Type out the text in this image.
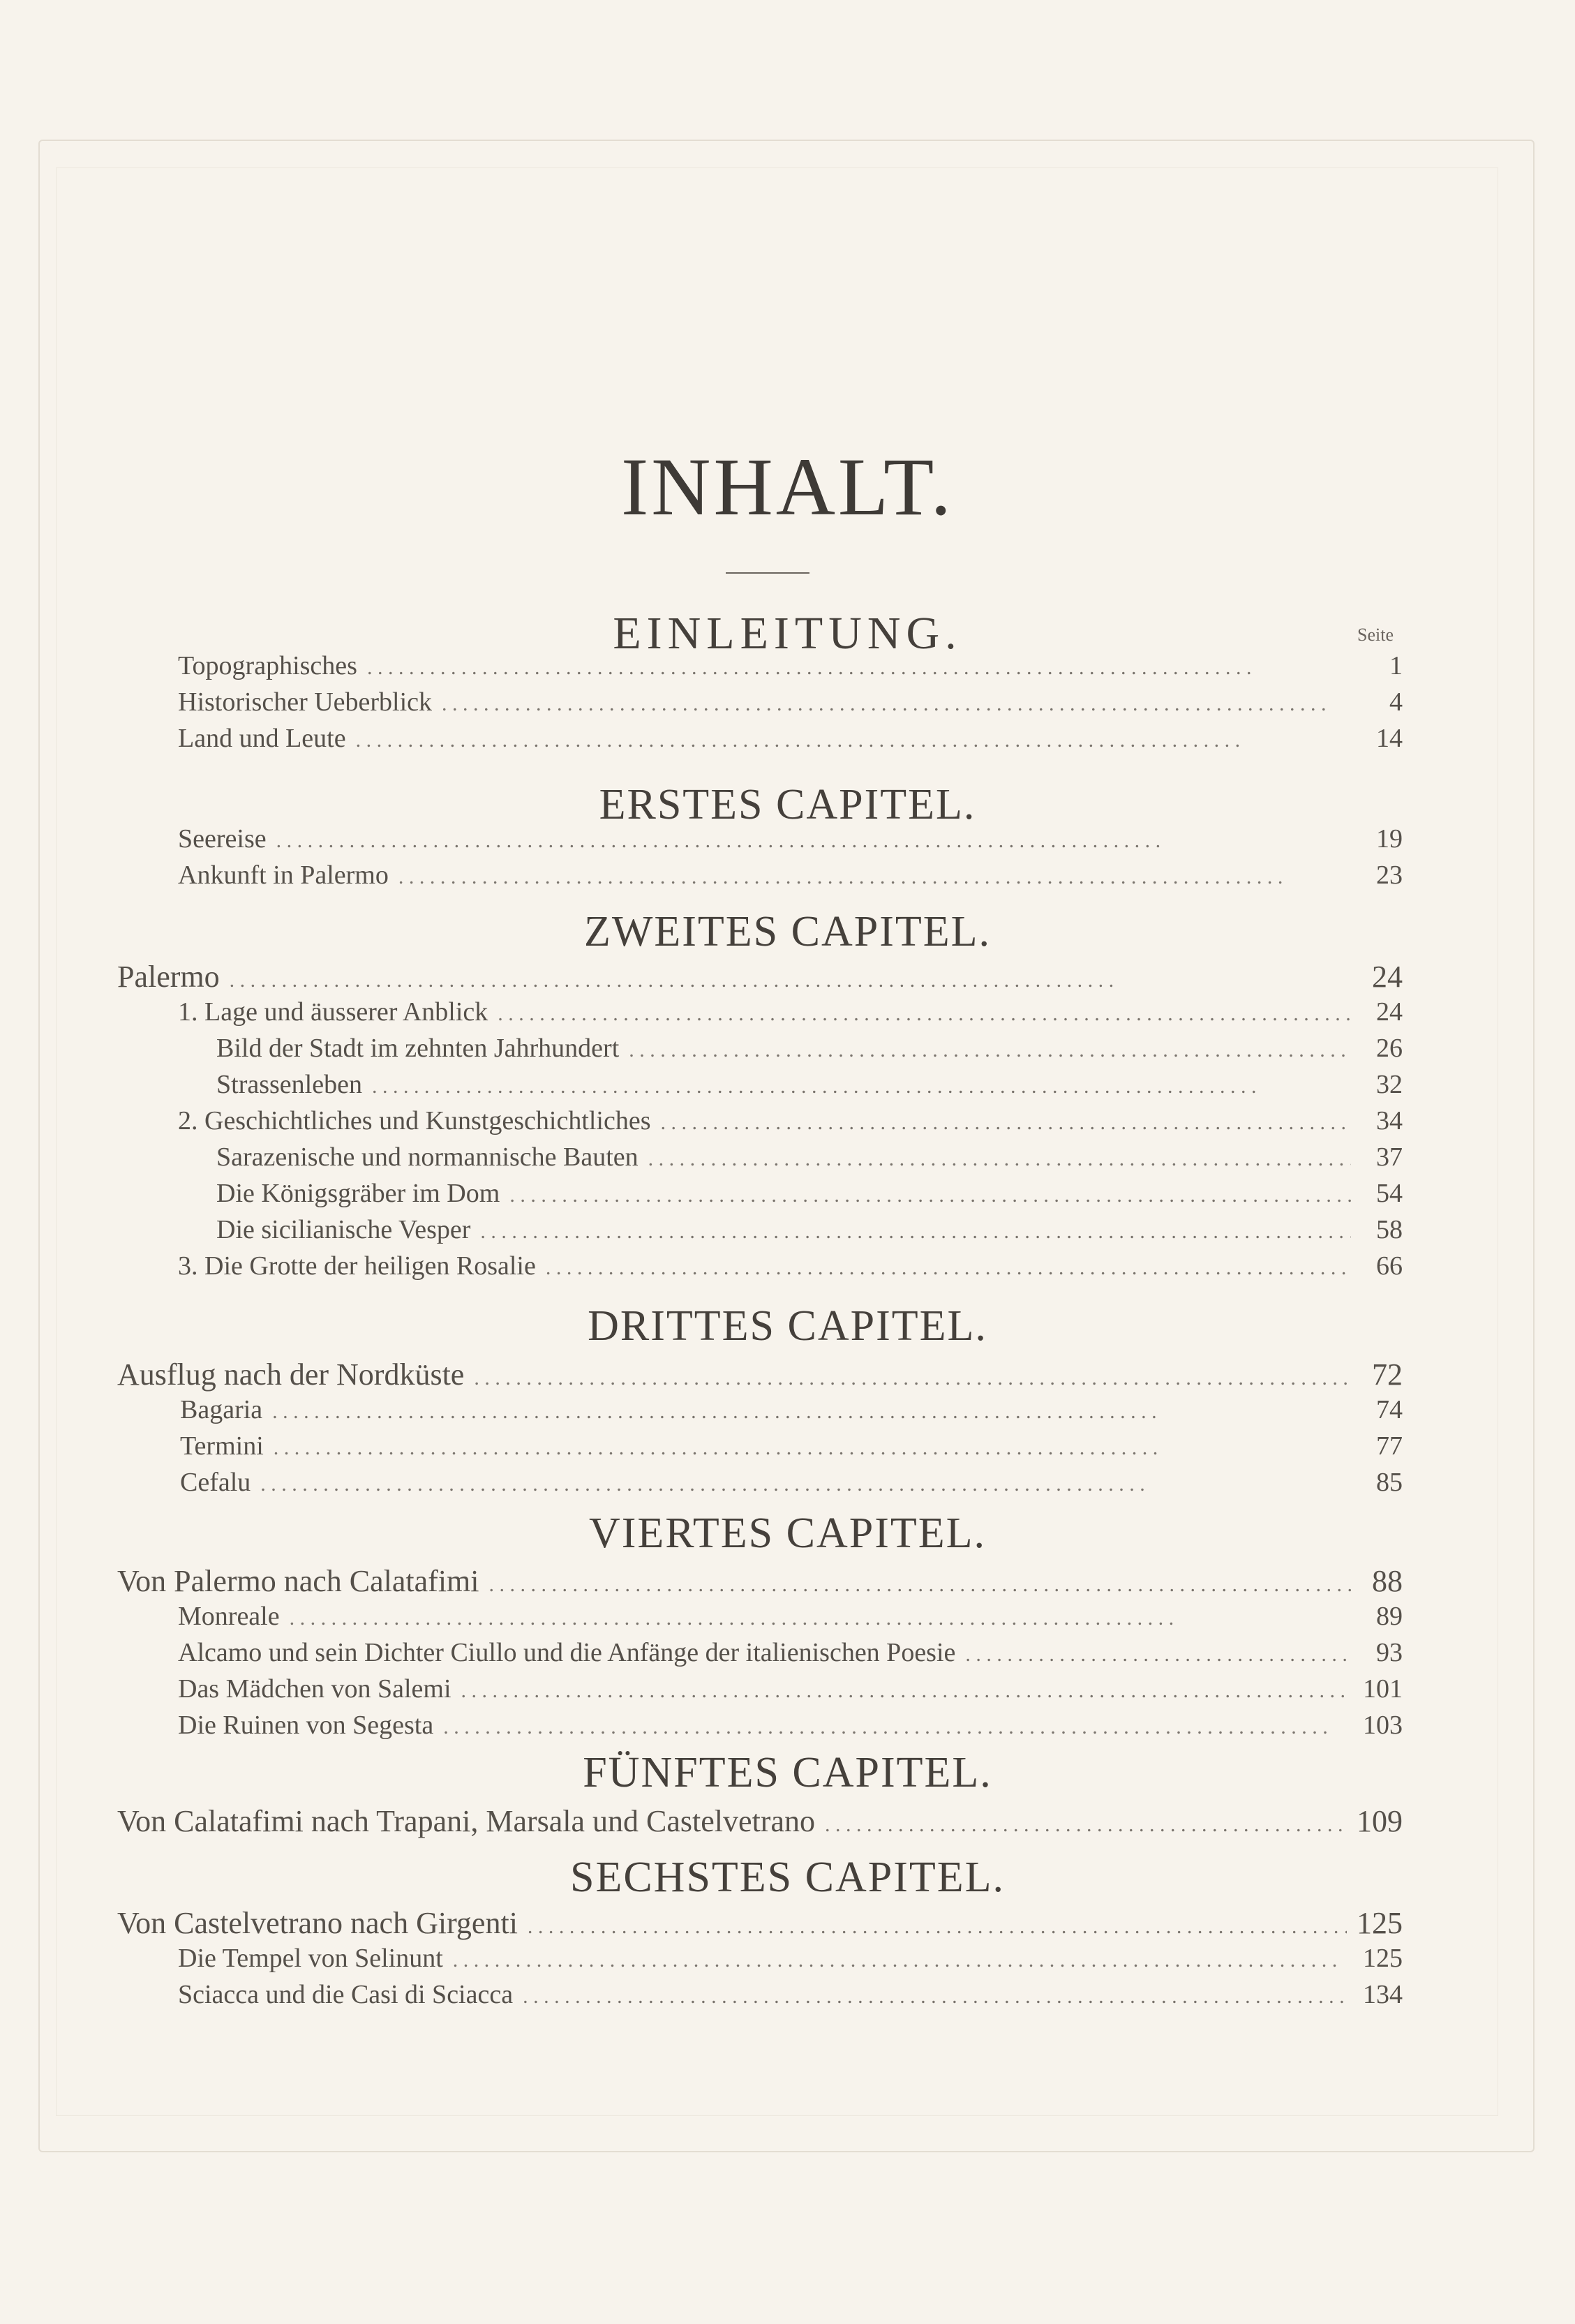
INHALT.
EINLEITUNG.	Seite
Topographisches . . .	1
Historischer Ueberblick . . .	4
Land und Leute . . .	14
ERSTES CAPITEL.
Seereise . . .	19
Ankunft in Palermo . . .	23
ZWEITES CAPITEL.
Palermo . . .	24
1. Lage und äusserer Anblick . . .	24
Bild der Stadt im zehnten Jahrhundert . . .	26
Strassenleben . . .	32
2. Geschichtliches und Kunstgeschichtliches . . .	34
Sarazenische und normannische Bauten . . .	37
Die Königsgräber im Dom . . .	54
Die sicilianische Vesper . . .	58
3. Die Grotte der heiligen Rosalie . . .	66
DRITTES CAPITEL.
Ausflug nach der Nordküste . . .	72
Bagaria . . .	74
Termini . . .	77
Cefalu . . .	85
VIERTES CAPITEL.
Von Palermo nach Calatafimi . . .	88
Monreale . . .	89
Alcamo und sein Dichter Ciullo und die Anfänge der italienischen Poesie . . .	93
Das Mädchen von Salemi . . .	101
Die Ruinen von Segesta . . .	103
FÜNFTES CAPITEL.
Von Calatafimi nach Trapani, Marsala und Castelvetrano . . .	109
SECHSTES CAPITEL.
Von Castelvetrano nach Girgenti . . .	125
Die Tempel von Selinunt . . .	125
Sciacca und die Casi di Sciacca . . .	134
